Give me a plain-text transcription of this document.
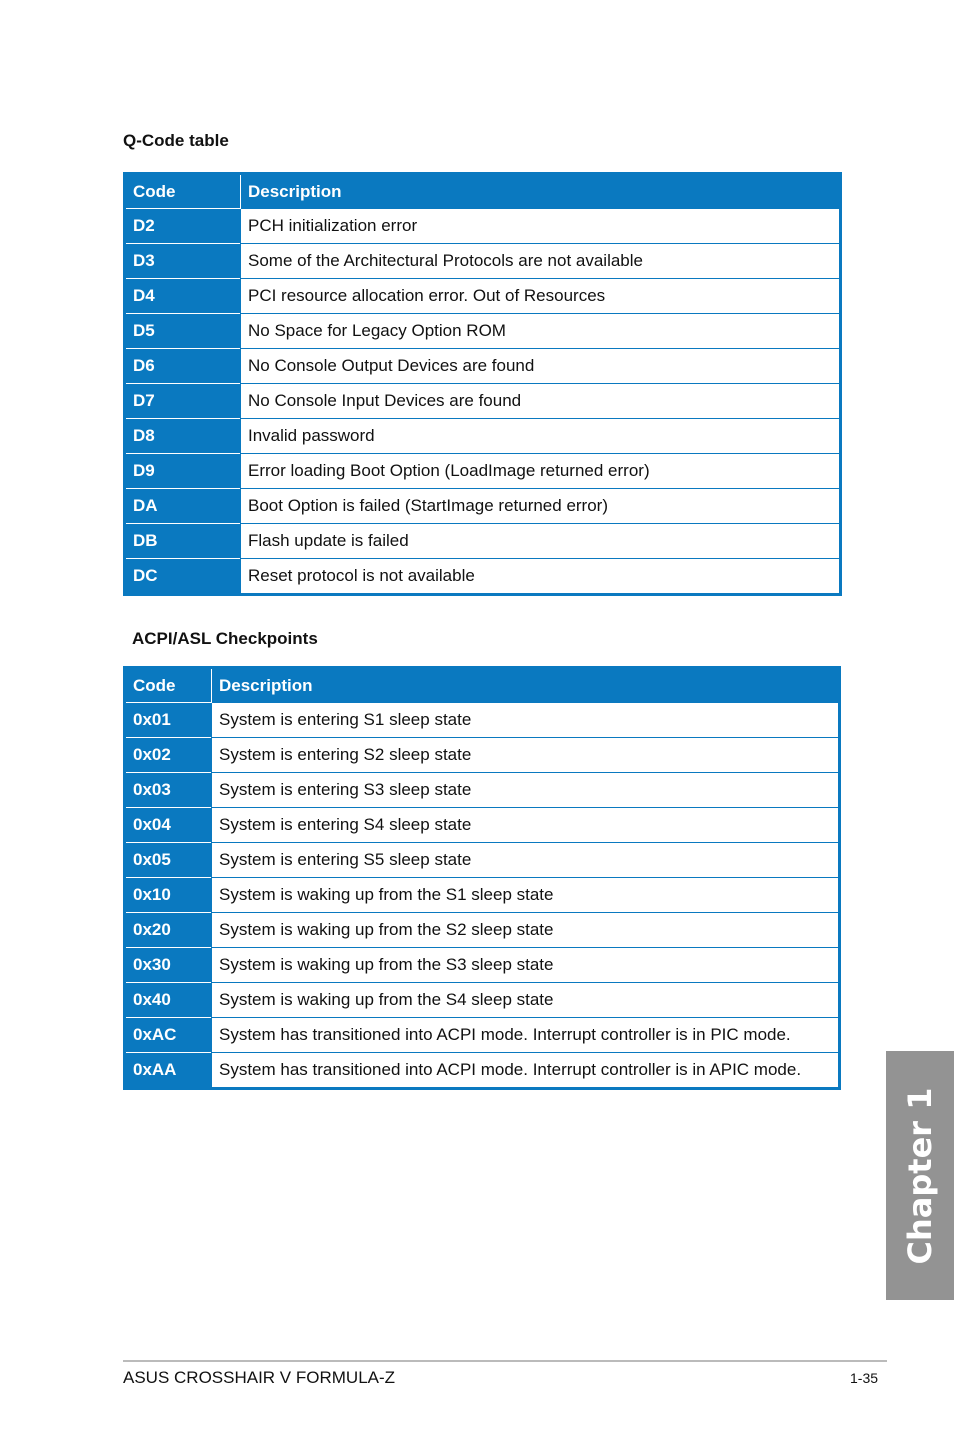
Q-Code table
Code	Description
D2	PCH initialization error
D3	Some of the Architectural Protocols are not available
D4	PCI resource allocation error. Out of Resources
D5	No Space for Legacy Option ROM
D6	No Console Output Devices are found
D7	No Console Input Devices are found
D8	Invalid password
D9	Error loading Boot Option (LoadImage returned error)
DA	Boot Option is failed (StartImage returned error)
DB	Flash update is failed
DC	Reset protocol is not available
ACPI/ASL Checkpoints
Code	Description
0x01	System is entering S1 sleep state
0x02	System is entering S2 sleep state
0x03	System is entering S3 sleep state
0x04	System is entering S4 sleep state
0x05	System is entering S5 sleep state
0x10	System is waking up from the S1 sleep state
0x20	System is waking up from the S2 sleep state
0x30	System is waking up from the S3 sleep state
0x40	System is waking up from the S4 sleep state
0xAC	System has transitioned into ACPI mode. Interrupt controller is in PIC mode.
0xAA	System has transitioned into ACPI mode. Interrupt controller is in APIC mode.
Chapter 1
ASUS CROSSHAIR V FORMULA-Z	1-35
